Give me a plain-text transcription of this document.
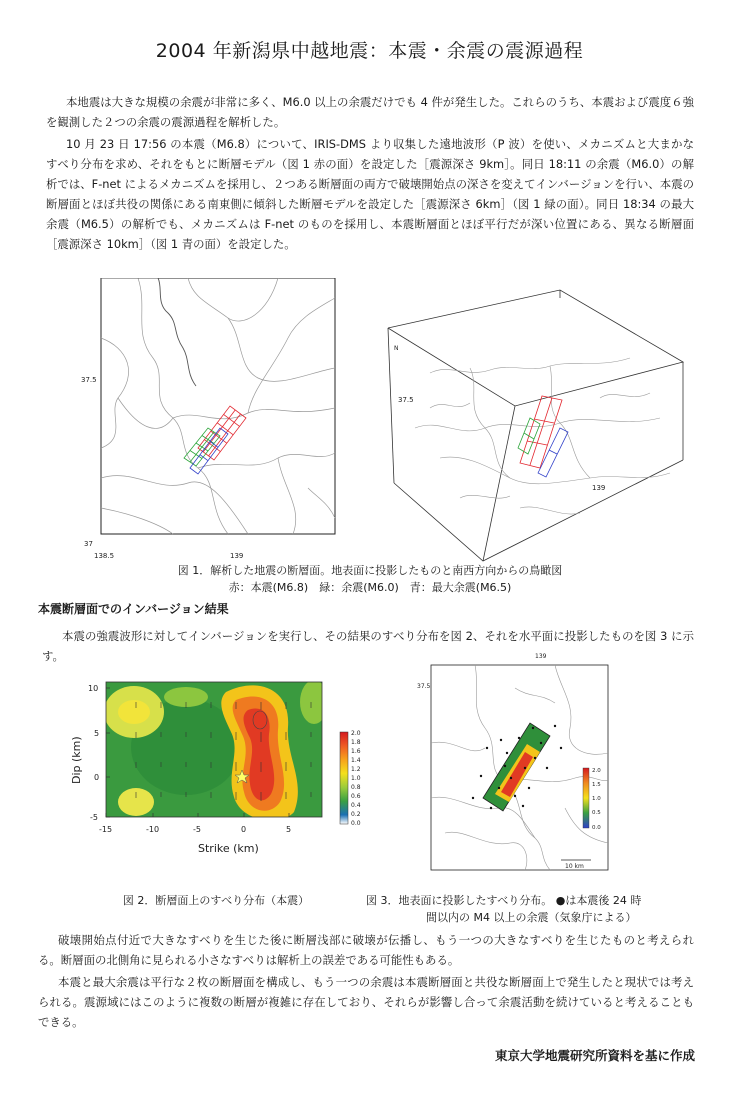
2004 年新潟県中越地震：本震・余震の震源過程

本地震は大きな規模の余震が非常に多く、M6.0 以上の余震だけでも 4 件が発生した。これらのうち、本震および震度６強を観測した２つの余震の震源過程を解析した。

10 月 23 日 17:56 の本震（M6.8）について、IRIS-DMS より収集した遠地波形（P 波）を使い、メカニズムと大まかなすべり分布を求め、それをもとに断層モデル（図 1 赤の面）を設定した［震源深さ 9km］。同日 18:11 の余震（M6.0）の解析では、F-net によるメカニズムを採用し、２つある断層面の両方で破壊開始点の深さを変えてインバージョンを行い、本震の断層面とほぼ共役の関係にある南東側に傾斜した断層モデルを設定した［震源深さ 6km］（図 1 緑の面）。同日 18:34 の最大余震（M6.5）の解析でも、メカニズムは F-net のものを採用し、本震断層面とほぼ平行だが深い位置にある、異なる断層面［震源深さ 10km］（図 1 青の面）を設定した。

37.5
37
138.5	139
N
37.5
139
図 1．解析した地震の断層面。地表面に投影したものと南西方向からの鳥瞰図
赤：本震(M6.8)　緑：余震(M6.0)　青：最大余震(M6.5)
本震断層面でのインバージョン結果

本震の強震波形に対してインバージョンを実行し、その結果のすべり分布を図 2、それを水平面に投影したものを図 3 に示す。

10
5
0
-5
-15	-10	-5	0	5
Strike (km)
Dip (km)
2.0
1.8
1.6
1.4
1.2
1.0
0.8
0.6
0.4
0.2
0.0
139
37.5
10 km
2.0
1.5
1.0
0.5
0.0
図 2．断層面上のすべり分布（本震）	図 3．地表面に投影したすべり分布。 ●は本震後 24 時
間以内の M4 以上の余震（気象庁による）

破壊開始点付近で大きなすべりを生じた後に断層浅部に破壊が伝播し、もう一つの大きなすべりを生じたものと考えられる。断層面の北側角に見られる小さなすべりは解析上の誤差である可能性もある。

本震と最大余震は平行な２枚の断層面を構成し、もう一つの余震は本震断層面と共役な断層面上で発生したと現状では考えられる。震源域にはこのように複数の断層が複雑に存在しており、それらが影響し合って余震活動を続けていると考えることもできる。

東京大学地震研究所資料を基に作成
